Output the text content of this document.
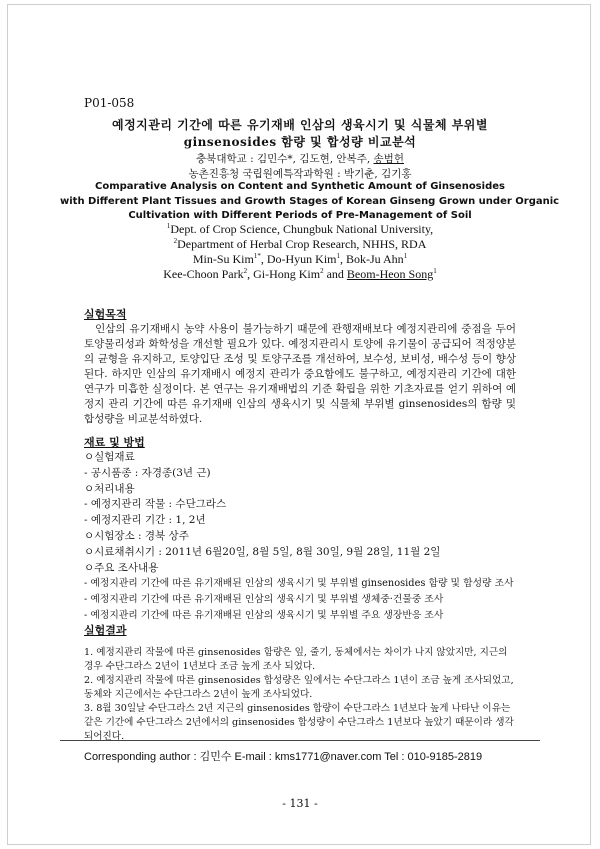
P01-058
예정지관리 기간에 따른 유기재배 인삼의 생육시기 및 식물체 부위별
ginsenosides 함량 및 합성량 비교분석
충북대학교 : 김민수*, 김도현, 안복주, 송범헌
농촌진흥청 국립원예특작과학원 : 박기춘, 김기홍
Comparative Analysis on Content and Synthetic Amount of Ginsenosides
with Different Plant Tissues and Growth Stages of Korean Ginseng Grown under Organic
Cultivation with Different Periods of Pre-Management of Soil
$^1$Dept. of Crop Science, Chungbuk National University,
$^2$Department of Herbal Crop Research, NHHS, RDA
Min-Su Kim$^{1*}$, Do-Hyun Kim$^1$, Bok-Ju Ahn$^1$
Kee-Choon Park$^2$, Gi-Hong Kim$^2$ and Beom-Heon Song$^1$
실험목적
　인삼의 유기재배시 농약 사용이 불가능하기 때문에 관행재배보다 예정지관리에 중점을 두어 토양물리성과 화학성을 개선할 필요가 있다. 예정지관리시 토양에 유기물이 공급되어 적정양분의 균형을 유지하고, 토양입단 조성 및 토양구조를 개선하여, 보수성, 보비성, 배수성 등이 향상된다. 하지만 인삼의 유기재배시 예정지 관리가 중요함에도 불구하고, 예정지관리 기간에 대한 연구가 미흡한 실정이다. 본 연구는 유기재배법의 기준 확립을 위한 기초자료를 얻기 위하여 예정지 관리 기간에 따른 유기재배 인삼의 생육시기 및 식물체 부위별 ginsenosides의 함량 및 합성량을 비교분석하였다.
재료 및 방법
ㅇ실험재료
- 공시품종 : 자경종(3년 근)
ㅇ처리내용
- 예정지관리 작물 : 수단그라스
- 예정지관리 기간 : 1, 2년
ㅇ시험장소 : 경북 상주
ㅇ시료채취시기 : 2011년 6월20일, 8월 5일, 8월 30일, 9월 28일, 11월 2일
ㅇ주요 조사내용
- 예정지관리 기간에 따른 유기재배된 인삼의 생육시기 및 부위별 ginsenosides 함량 및 합성량 조사
- 예정지관리 기간에 따른 유기재배된 인삼의 생육시기 및 부위별 생체중·건물중 조사
- 예정지관리 기간에 따른 유기재배된 인삼의 생육시기 및 부위별 주요 생장반응 조사
실험결과
1. 예정지관리 작물에 따른 ginsenosides 함량은 잎, 줄기, 동체에서는 차이가 나지 않았지만, 지근의 경우 수단그라스 2년이 1년보다 조금 높게 조사 되었다.
2. 예정지관리 작물에 따른 ginsenosides 합성량은 잎에서는 수단그라스 1년이 조금 높게 조사되었고, 동체와 지근에서는 수단그라스 2년이 높게 조사되었다.
3. 8월 30일날 수단그라스 2년 지근의 ginsenosides 합량이 수단그라스 1년보다 높게 나타난 이유는 같은 기간에 수단그라스 2년에서의 ginsenosides 합성량이 수단그라스 1년보다 높았기 때문이라 생각되어진다.
Corresponding author : 김민수 E-mail : kms1771@naver.com Tel : 010-9185-2819
- 131 -
